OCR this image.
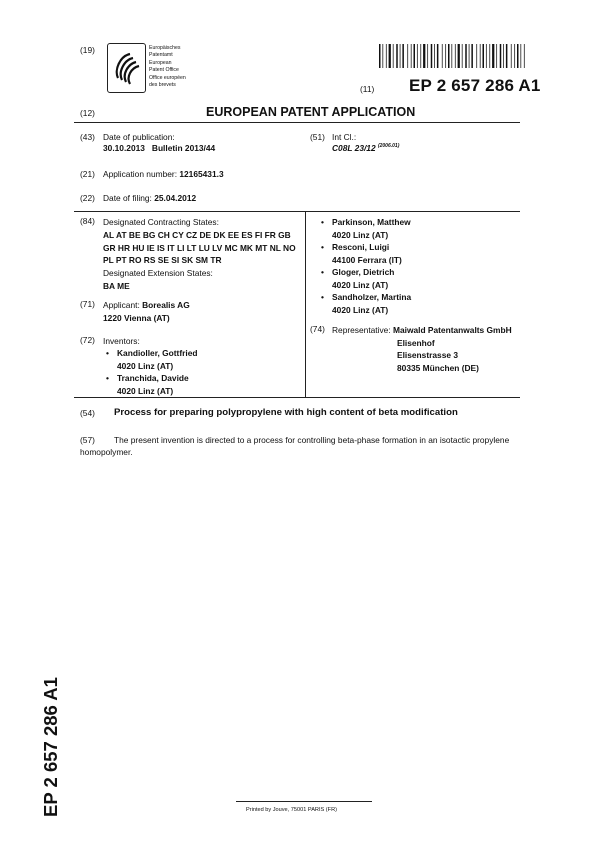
(19)	Europäisches
Patentamt
European
Patent Office
Office européen
des brevets	(11) EP 2 657 286 A1
(12)	EUROPEAN PATENT APPLICATION
(43) Date of publication:
30.10.2013   Bulletin 2013/44
(51) Int Cl.:
C08L 23/12 $^{(2006.01)}$
(21) Application number: 12165431.3
(22) Date of filing: 25.04.2012
(84) Designated Contracting States:
AL AT BE BG CH CY CZ DE DK EE ES FI FR GB
GR HR HU IE IS IT LI LT LU LV MC MK MT NL NO
PL PT RO RS SE SI SK SM TR
Designated Extension States:
BA ME
(71) Applicant: Borealis AG
1220 Vienna (AT)
(72) Inventors:
• Kandioller, Gottfried
4020 Linz (AT)
• Tranchida, Davide
4020 Linz (AT)
• Parkinson, Matthew
4020 Linz (AT)
• Resconi, Luigi
44100 Ferrara (IT)
• Gloger, Dietrich
4020 Linz (AT)
• Sandholzer, Martina
4020 Linz (AT)
(74) Representative: Maiwald Patentanwalts GmbH
Elisenhof
Elisenstrasse 3
80335 München (DE)
(54) Process for preparing polypropylene with high content of beta modification
(57) The present invention is directed to a process for controlling beta-phase formation in an isotactic propylene
homopolymer.
EP 2 657 286 A1	Printed by Jouve, 75001 PARIS (FR)
